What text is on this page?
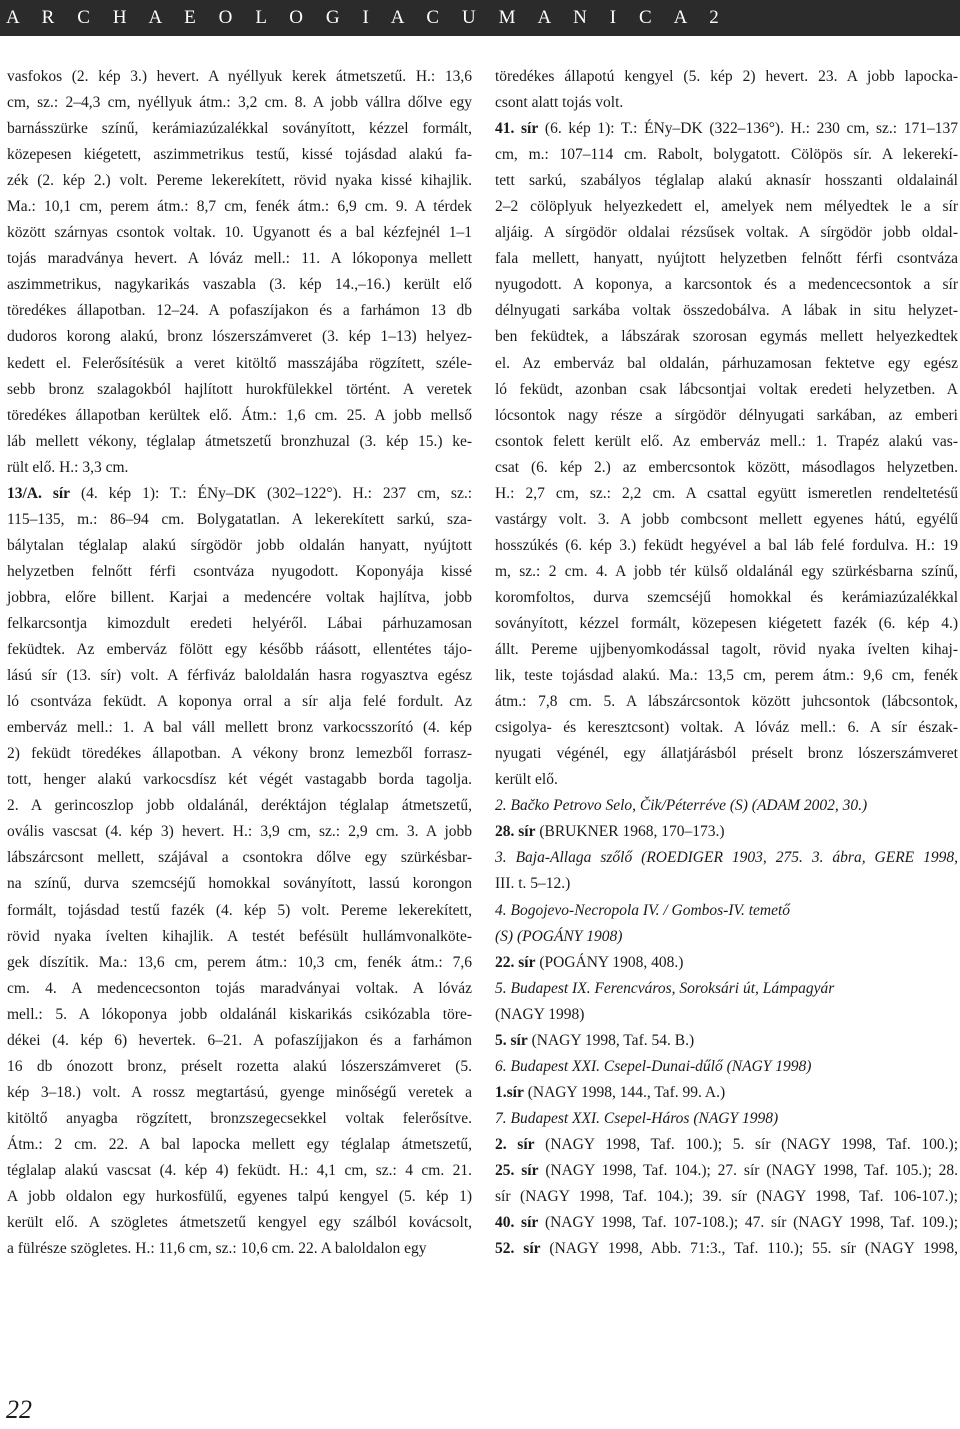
A R C H A E O L O G I A C U M A N I C A 2

vasfokos (2. kép 3.) hevert. A nyéllyuk kerek átmetszetű. H.: 13,6

cm, sz.: 2–4,3 cm, nyéllyuk átm.: 3,2 cm. 8. A jobb vállra dőlve egy

barnásszürke színű, kerámiazúzalékkal soványított, kézzel formált,

közepesen kiégetett, aszimmetrikus testű, kissé tojásdad alakú fa-

zék (2. kép 2.) volt. Pereme lekerekített, rövid nyaka kissé kihajlik.

Ma.: 10,1 cm, perem átm.: 8,7 cm, fenék átm.: 6,9 cm. 9. A térdek

között szárnyas csontok voltak. 10. Ugyanott és a bal kézfejnél 1–1

tojás maradványa hevert. A lóváz mell.: 11. A lókoponya mellett

aszimmetrikus, nagykarikás vaszabla (3. kép 14.,–16.) került elő

töredékes állapotban. 12–24. A pofaszíjakon és a farhámon 13 db

dudoros korong alakú, bronz lószerszámveret (3. kép 1–13) helyez-

kedett el. Felerősítésük a veret kitöltő masszájába rögzített, széle-

sebb bronz szalagokból hajlított hurokfülekkel történt. A veretek

töredékes állapotban kerültek elő. Átm.: 1,6 cm. 25. A jobb mellső

láb mellett vékony, téglalap átmetszetű bronzhuzal (3. kép 15.) ke-

rült elő. H.: 3,3 cm.

13/A. sír (4. kép 1): T.: ÉNy–DK (302–122°). H.: 237 cm, sz.:

115–135, m.: 86–94 cm. Bolygatatlan. A lekerekített sarkú, sza-

bálytalan téglalap alakú sírgödör jobb oldalán hanyatt, nyújtott

helyzetben felnőtt férfi csontváza nyugodott. Koponyája kissé

jobbra, előre billent. Karjai a medencére voltak hajlítva, jobb

felkarcsontja kimozdult eredeti helyéről. Lábai párhuzamosan

feküdtek. Az emberváz fölött egy később ráásott, ellentétes tájo-

lású sír (13. sír) volt. A férfiváz baloldalán hasra rogyasztva egész

ló csontváza feküdt. A koponya orral a sír alja felé fordult. Az

emberváz mell.: 1. A bal váll mellett bronz varkocsszorító (4. kép

2) feküdt töredékes állapotban. A vékony bronz lemezből forrasz-

tott, henger alakú varkocsdísz két végét vastagabb borda tagolja.

2. A gerincoszlop jobb oldalánál, deréktájon téglalap átmetszetű,

ovális vascsat (4. kép 3) hevert. H.: 3,9 cm, sz.: 2,9 cm. 3. A jobb

lábszárcsont mellett, szájával a csontokra dőlve egy szürkésbar-

na színű, durva szemcséjű homokkal soványított, lassú korongon

formált, tojásdad testű fazék (4. kép 5) volt. Pereme lekerekített,

rövid nyaka ívelten kihajlik. A testét befésült hullámvonalköte-

gek díszítik. Ma.: 13,6 cm, perem átm.: 10,3 cm, fenék átm.: 7,6

cm. 4. A medencecsonton tojás maradványai voltak. A lóváz

mell.: 5. A lókoponya jobb oldalánál kiskarikás csikózabla töre-

dékei (4. kép 6) hevertek. 6–21. A pofaszíjjakon és a farhámon

16 db ónozott bronz, préselt rozetta alakú lószerszámveret (5.

kép 3–18.) volt. A rossz megtartású, gyenge minőségű veretek a

kitöltő anyagba rögzített, bronzszegecsekkel voltak felerősítve.

Átm.: 2 cm. 22. A bal lapocka mellett egy téglalap átmetszetű,

téglalap alakú vascsat (4. kép 4) feküdt. H.: 4,1 cm, sz.: 4 cm. 21.

A jobb oldalon egy hurkosfülű, egyenes talpú kengyel (5. kép 1)

került elő. A szögletes átmetszetű kengyel egy szálból kovácsolt,

a fülrésze szögletes. H.: 11,6 cm, sz.: 10,6 cm. 22. A baloldalon egy

töredékes állapotú kengyel (5. kép 2) hevert. 23. A jobb lapocka-

csont alatt tojás volt.

41. sír (6. kép 1): T.: ÉNy–DK (322–136°). H.: 230 cm, sz.: 171–137

cm, m.: 107–114 cm. Rabolt, bolygatott. Cölöpös sír. A lekerekí-

tett sarkú, szabályos téglalap alakú aknasír hosszanti oldalainál

2–2 cölöplyuk helyezkedett el, amelyek nem mélyedtek le a sír

aljáig. A sírgödör oldalai rézsűsek voltak. A sírgödör jobb oldal-

fala mellett, hanyatt, nyújtott helyzetben felnőtt férfi csontváza

nyugodott. A koponya, a karcsontok és a medencecsontok a sír

délnyugati sarkába voltak összedobálva. A lábak in situ helyzet-

ben feküdtek, a lábszárak szorosan egymás mellett helyezkedtek

el. Az emberváz bal oldalán, párhuzamosan fektetve egy egész

ló feküdt, azonban csak lábcsontjai voltak eredeti helyzetben. A

lócsontok nagy része a sírgödör délnyugati sarkában, az emberi

csontok felett került elő. Az emberváz mell.: 1. Trapéz alakú vas-

csat (6. kép 2.) az embercsontok között, másodlagos helyzetben.

H.: 2,7 cm, sz.: 2,2 cm. A csattal együtt ismeretlen rendeltetésű

vastárgy volt. 3. A jobb combcsont mellett egyenes hátú, egyélű

hosszúkés (6. kép 3.) feküdt hegyével a bal láb felé fordulva. H.: 19

m, sz.: 2 cm. 4. A jobb tér külső oldalánál egy szürkésbarna színű,

koromfoltos, durva szemcséjű homokkal és kerámiazúzalékkal

soványított, kézzel formált, közepesen kiégetett fazék (6. kép 4.)

állt. Pereme ujjbenyomkodással tagolt, rövid nyaka ívelten kihaj-

lik, teste tojásdad alakú. Ma.: 13,5 cm, perem átm.: 9,6 cm, fenék

átm.: 7,8 cm. 5. A lábszárcsontok között juhcsontok (lábcsontok,

csigolya- és keresztcsont) voltak. A lóváz mell.: 6. A sír észak-

nyugati végénél, egy állatjárásból préselt bronz lószerszámveret

került elő.

2. Bačko Petrovo Selo, Čik/Péterréve (S) (ADAM 2002, 30.)

28. sír (BRUKNER 1968, 170–173.)

3. Baja-Allaga szőlő (ROEDIGER 1903, 275. 3. ábra, GERE 1998,

III. t. 5–12.)

4. Bogojevo-Necropola IV. / Gombos-IV. temető

(S) (POGÁNY 1908)

22. sír (POGÁNY 1908, 408.)

5. Budapest IX. Ferencváros, Soroksári út, Lámpagyár

(NAGY 1998)

5. sír (NAGY 1998, Taf. 54. B.)

6. Budapest XXI. Csepel-Dunai-dűlő (NAGY 1998)

1.sír (NAGY 1998, 144., Taf. 99. A.)

7. Budapest XXI. Csepel-Háros (NAGY 1998)

2. sír (NAGY 1998, Taf. 100.); 5. sír (NAGY 1998, Taf. 100.);

25. sír (NAGY 1998, Taf. 104.); 27. sír (NAGY 1998, Taf. 105.); 28.

sír (NAGY 1998, Taf. 104.); 39. sír (NAGY 1998, Taf. 106-107.);

40. sír (NAGY 1998, Taf. 107-108.); 47. sír (NAGY 1998, Taf. 109.);

52. sír (NAGY 1998, Abb. 71:3., Taf. 110.); 55. sír (NAGY 1998,

22
